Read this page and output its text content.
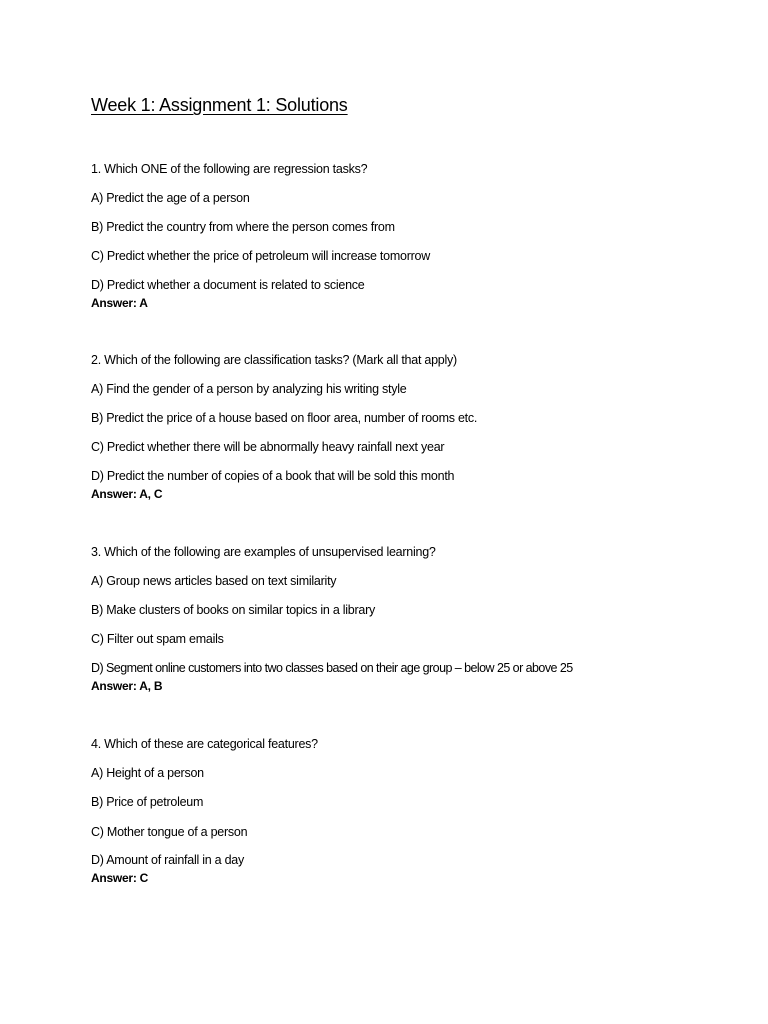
Week 1: Assignment 1: Solutions
1. Which ONE of the following are regression tasks?
A) Predict the age of a person
B) Predict the country from where the person comes from
C) Predict whether the price of petroleum will increase tomorrow
D) Predict whether a document is related to science
Answer: A
2. Which of the following are classification tasks? (Mark all that apply)
A) Find the gender of a person by analyzing his writing style
B) Predict the price of a house based on floor area, number of rooms etc.
C) Predict whether there will be abnormally heavy rainfall next year
D) Predict the number of copies of a book that will be sold this month
Answer: A, C
3. Which of the following are examples of unsupervised learning?
A) Group news articles based on text similarity
B) Make clusters of books on similar topics in a library
C) Filter out spam emails
D) Segment online customers into two classes based on their age group – below 25 or above 25
Answer: A, B
4. Which of these are categorical features?
A) Height of a person
B) Price of petroleum
C) Mother tongue of a person
D) Amount of rainfall in a day
Answer: C
